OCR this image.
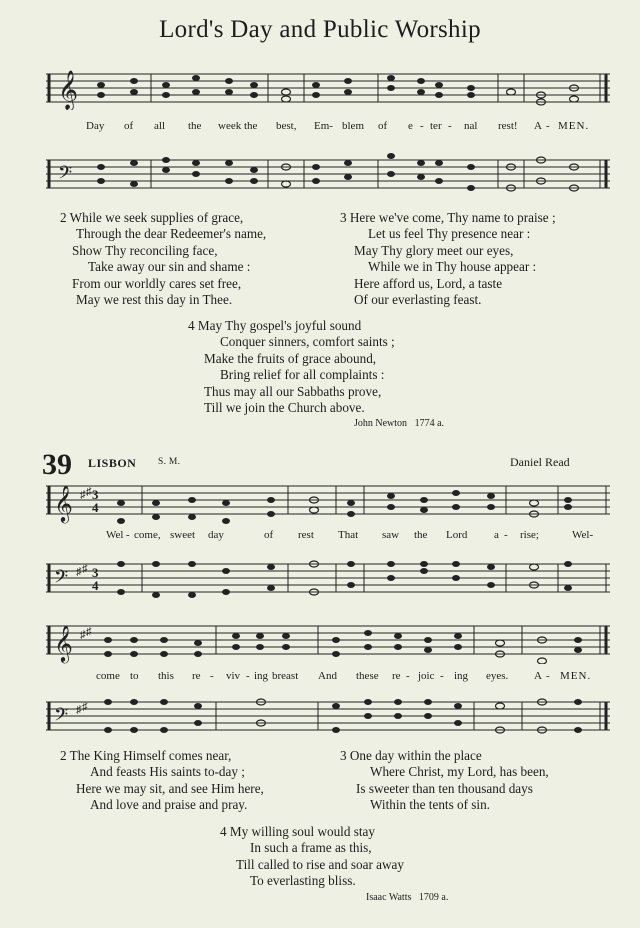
Lord's Day and Public Worship
𝄞
Day of all the week the best, Em- blem of e - ter - nal rest! A - MEN.
𝄢
2 While we seek supplies of grace,
Through the dear Redeemer's name,
Show Thy reconciling face,
Take away our sin and shame :
From our worldly cares set free,
May we rest this day in Thee.
3 Here we've come, Thy name to praise ;
Let us feel Thy presence near :
May Thy glory meet our eyes,
While we in Thy house appear :
Here afford us, Lord, a taste
Of our everlasting feast.
4 May Thy gospel's joyful sound
Conquer sinners, comfort saints ;
Make the fruits of grace abound,
Bring relief for all complaints :
Thus may all our Sabbaths prove,
Till we join the Church above.
John Newton 1774 a.
39 LISBON S. M.	Daniel Read
𝄞 ♯ ♯ 3
4
Wel - come, sweet day	of rest That saw the Lord a - rise;	Wel-
𝄢 ♯ ♯ 3
4
𝄞 ♯ ♯
come to this re - viv - ing breast And these re - joic - ing eyes. A - MEN.
𝄢 ♯ ♯
2 The King Himself comes near,
And feasts His saints to-day ;
Here we may sit, and see Him here,
And love and praise and pray.
3 One day within the place
Where Christ, my Lord, has been,
Is sweeter than ten thousand days
Within the tents of sin.
4 My willing soul would stay
In such a frame as this,
Till called to rise and soar away
To everlasting bliss.
Isaac Watts 1709 a.
